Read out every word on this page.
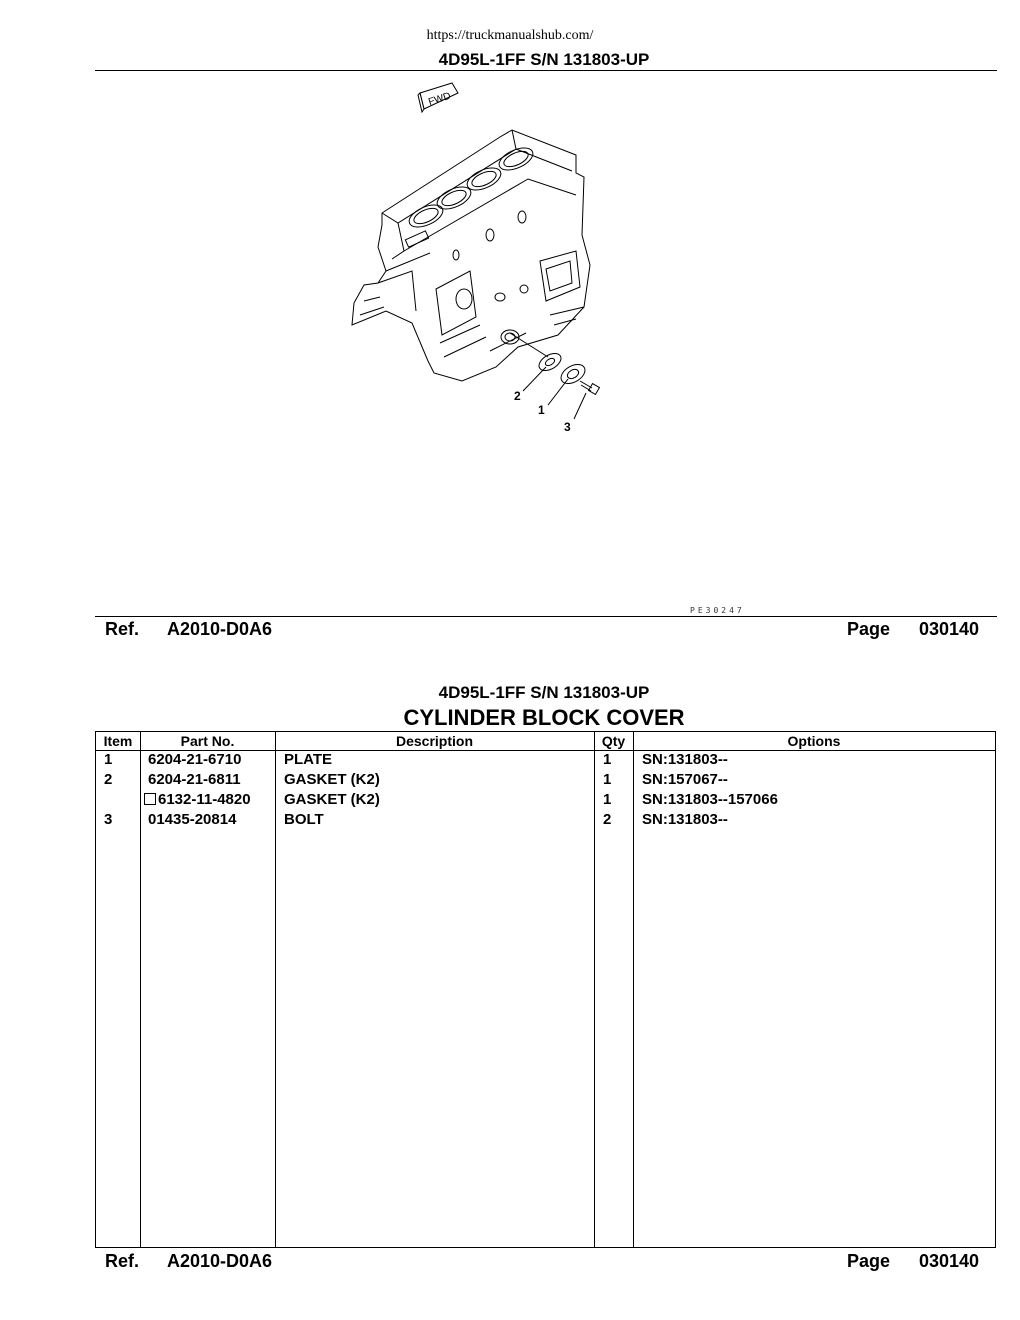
https://truckmanualshub.com/
4D95L-1FF S/N 131803-UP
FWD
2
1
3
PE30247
Ref. A2010-D0A6	Page 030140
4D95L-1FF S/N 131803-UP
CYLINDER BLOCK COVER
Item	Part No.	Description	Qty	Options
1 6204-21-6710	PLATE	1 SN:131803--
2 6204-21-6811	GASKET (K2)	1 SN:157067--
6132-11-4820 GASKET (K2)	1 SN:131803--157066
3 01435-20814	BOLT	2 SN:131803--
Ref. A2010-D0A6	Page 030140
